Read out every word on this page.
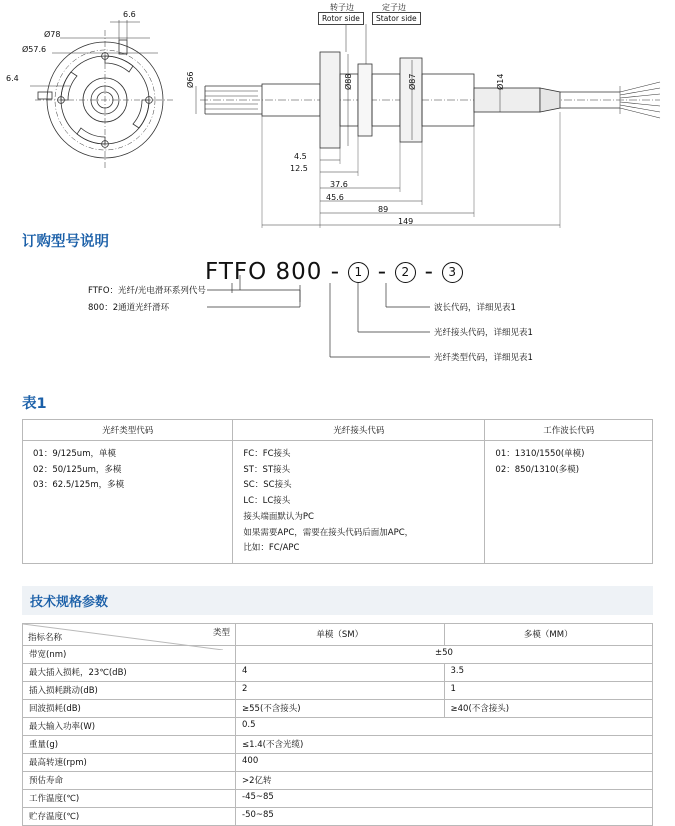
Ø78
6.6
Ø57.6
6.4	Ø66	Ø88	Ø87	Ø14
4.5
12.5
37.6
45.6
89
149
转子边	定子边
Rotor side	Stator side
订购型号说明
FTFO 800 - 1 - 2 - 3
FTFO：光纤/光电滑环系列代号
800：2通道光纤滑环	波长代码，详细见表1
光纤接头代码，详细见表1
光纤类型代码，详细见表1
表1
光纤类型代码	光纤接头代码	工作波长代码

01：9/125um，单模
02：50/125um，多模
03：62.5/125m，多模

FC：FC接头
ST：ST接头
SC：SC接头
LC：LC接头
接头端面默认为PC
如果需要APC，需要在接头代码后面加APC，
比如：FC/APC

01：1310/1550(单模)
02：850/1310(多模)
技术规格参数
类型
指标名称	单模（SM）	多模（MM）
带宽(nm)	±50	
最大插入损耗，23℃(dB)	4	3.5
插入损耗跳动(dB)	2	1
回波损耗(dB)	≥55(不含接头)	≥40(不含接头)
最大输入功率(W)	0.5	
重量(g)	≤1.4(不含光缆)	
最高转速(rpm)	400	
预估寿命	>2亿转	
工作温度(℃)	-45~85	
贮存温度(℃)	-50~85	
